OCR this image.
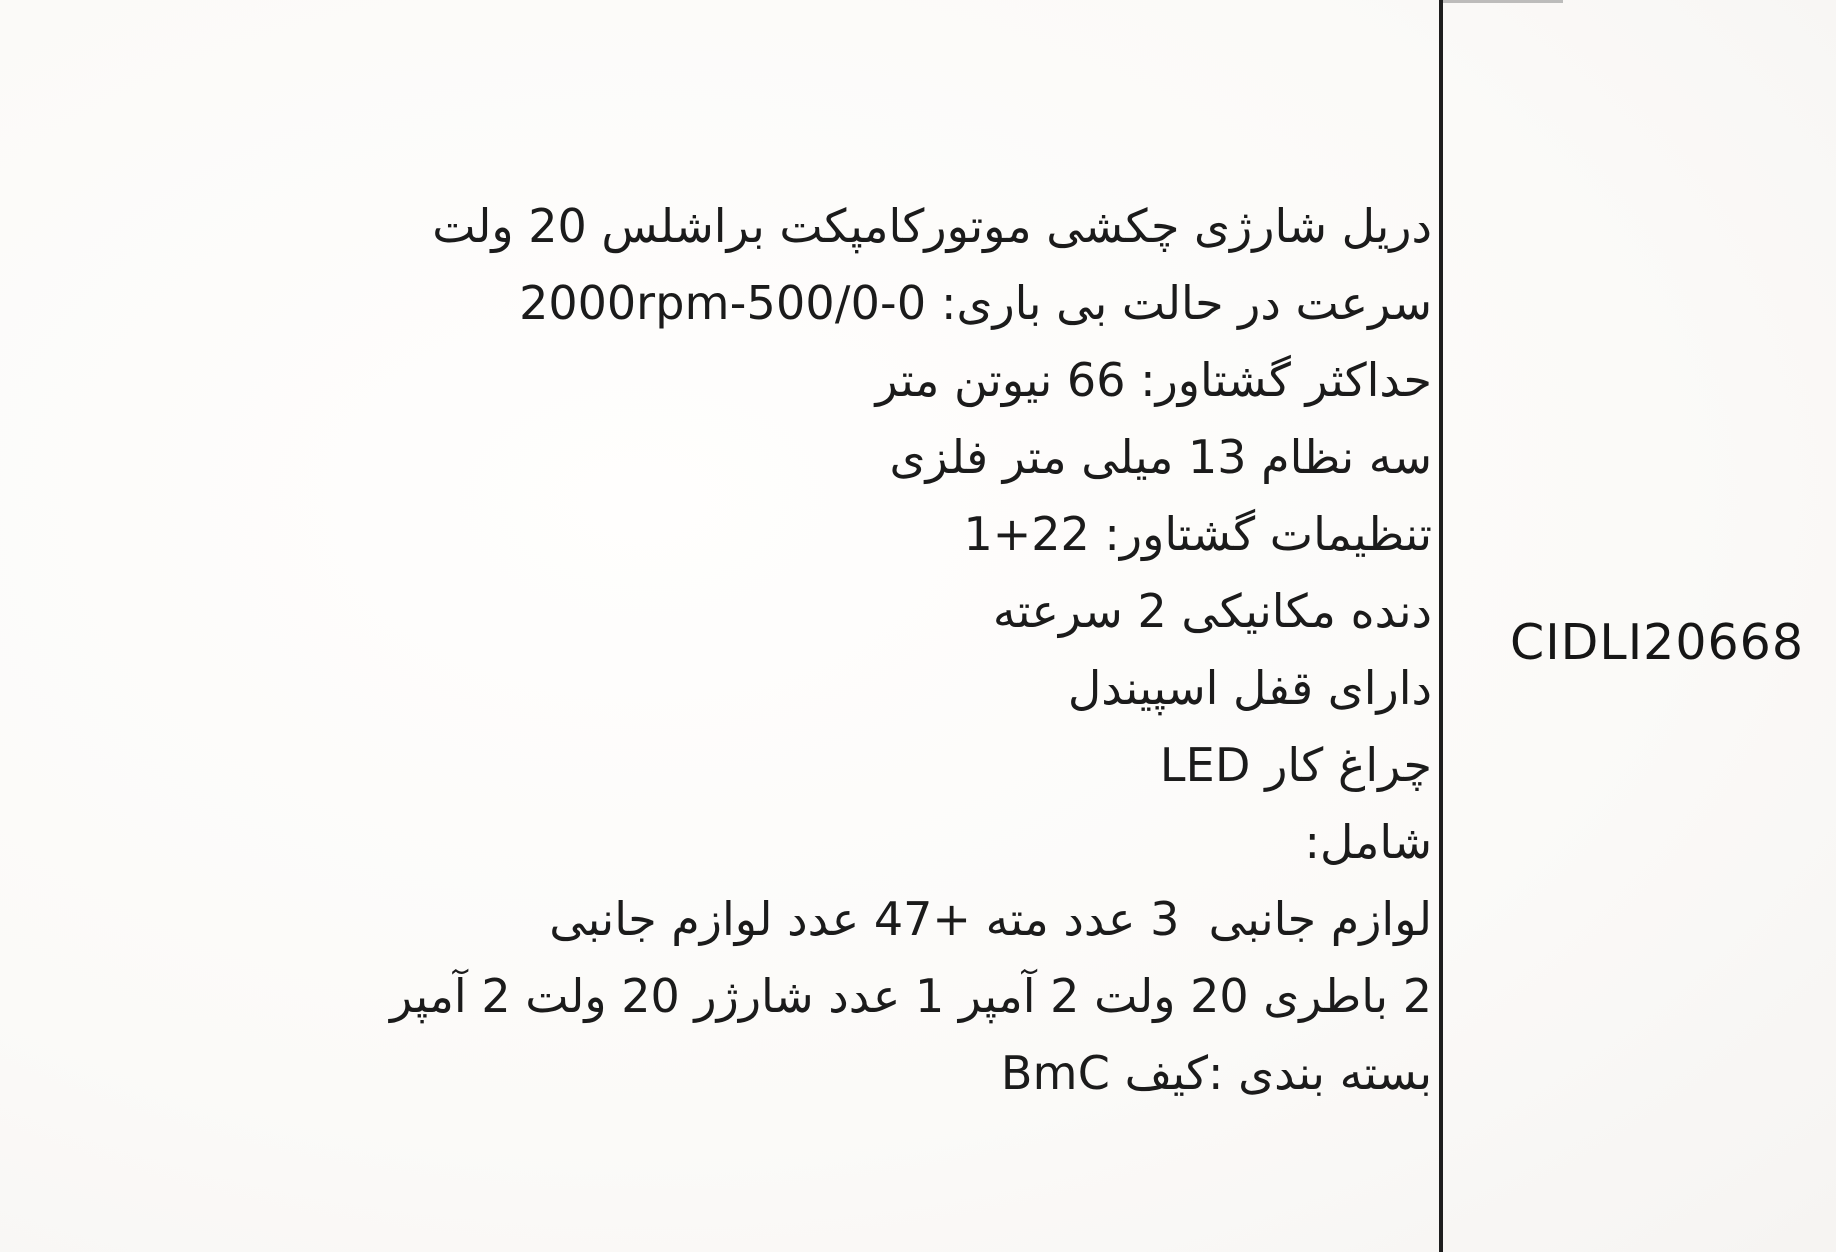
دریل شارژی چکشی موتورکامپکت براشلس 20 ولت
سرعت در حالت بی باری: 2000rpm-500/0-0
حداکثر گشتاور: 66 نیوتن متر
سه نظام 13 میلی متر فلزی
تنظیمات گشتاور: 1+22
دنده مکانیکی 2 سرعته
دارای قفل اسپیندل
چراغ کار LED
شامل:
لوازم جانبی  3 عدد مته 47+ عدد لوازم جانبی
2 باطری 20 ولت 2 آمپر 1 عدد شارژر 20 ولت 2 آمپر
بسته بندی :کیف BmC
CIDLI20668
